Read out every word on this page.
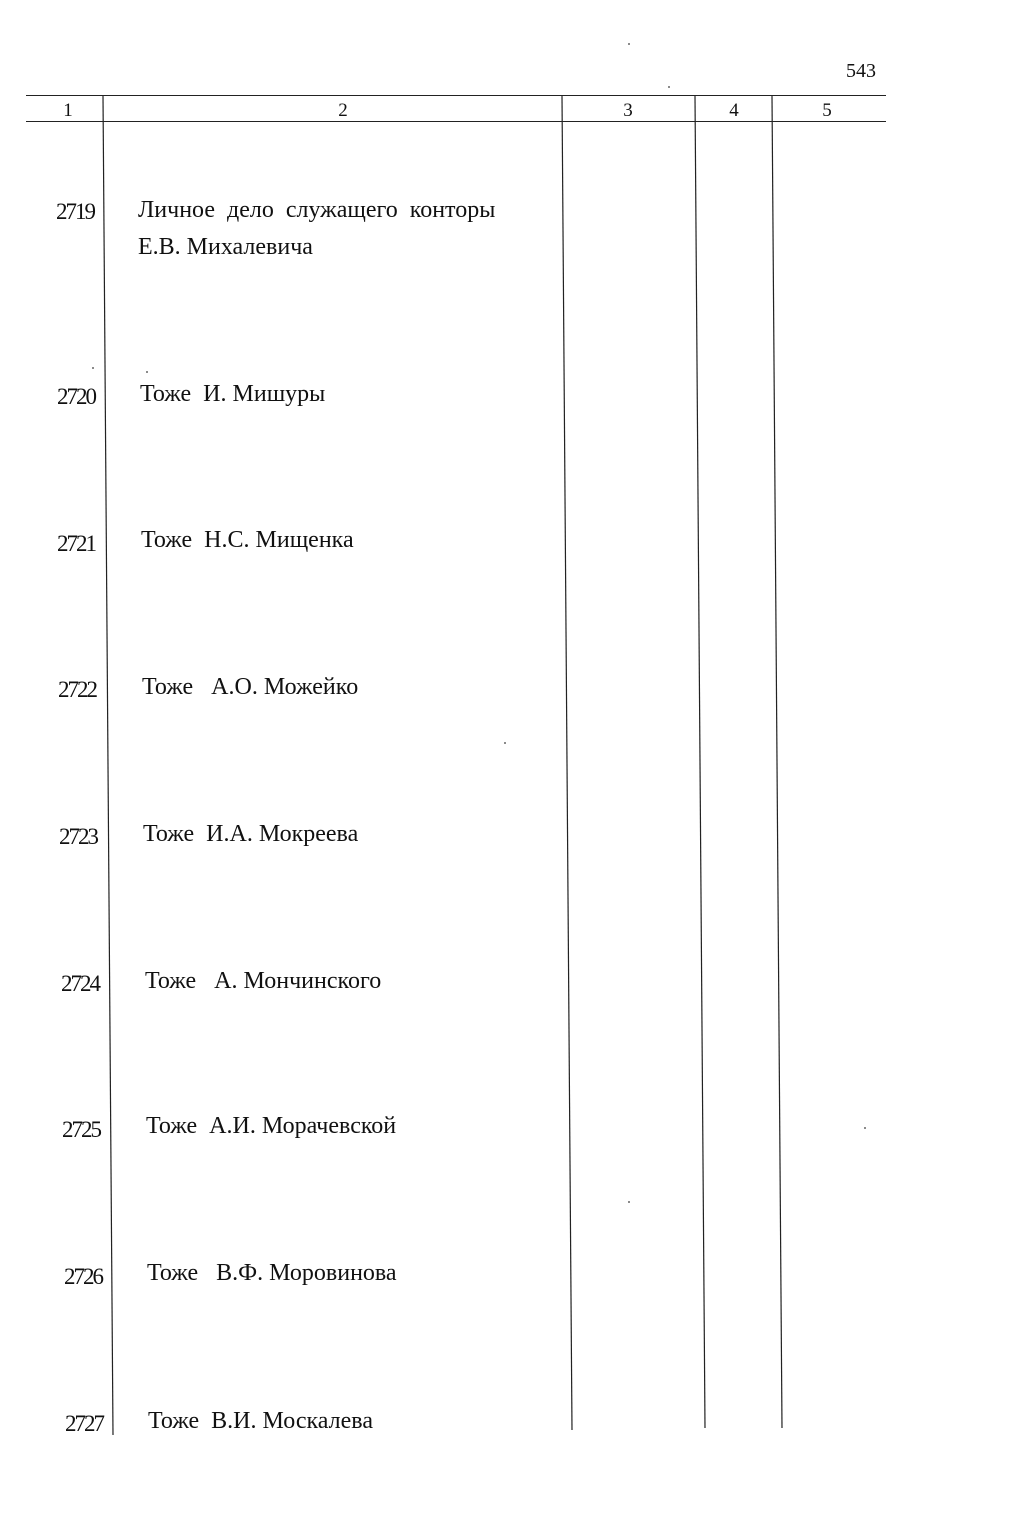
543
1	2	3	4	5
2719 Личное  дело  служащего  конторы
Е.В. Михалевича
2720 Тоже  И. Мишуры
2721 Тоже  Н.С. Мищенка
2722 Тоже   А.О. Можейко
2723 Тоже  И.А. Мокреева
2724 Тоже   А. Мончинского
2725 Тоже  А.И. Морачевской
2726 Тоже   В.Ф. Моровинова
2727 Тоже  В.И. Москалева
